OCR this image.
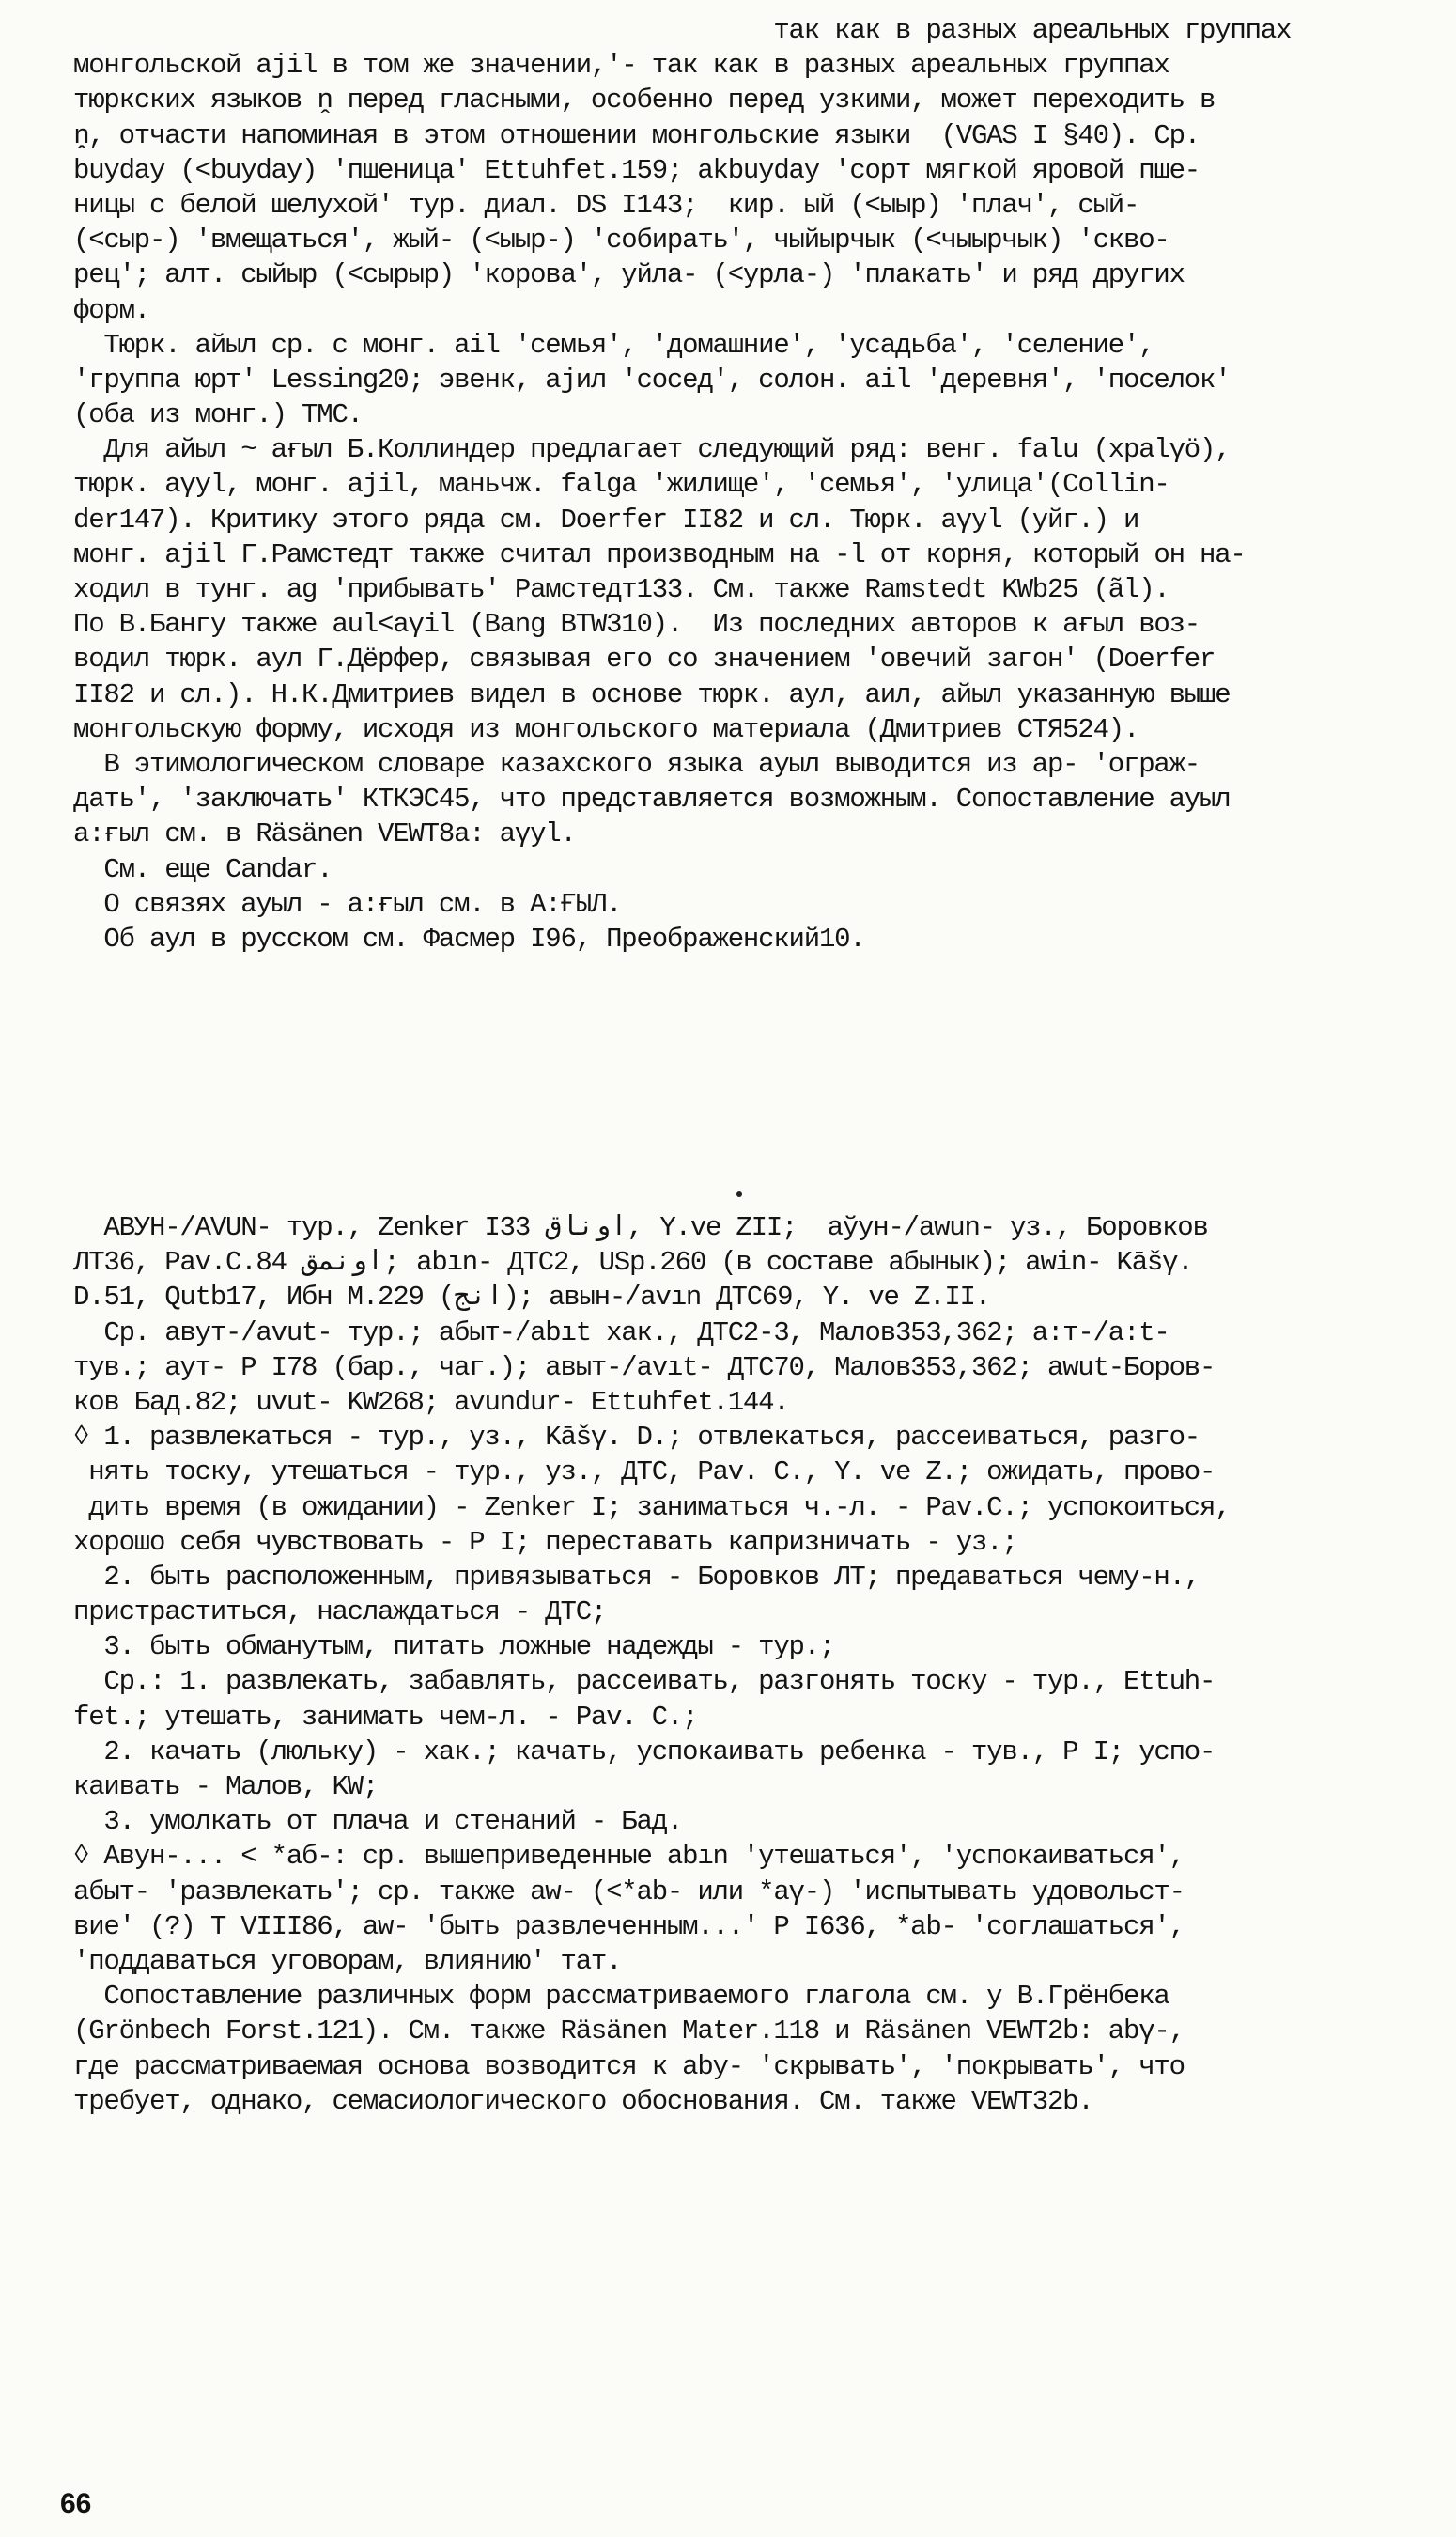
так как в разных ареальных группах
монгольской ajil в том же значении,'- так как в разных ареальных группах
тюркских языков ṋ перед гласными, особенно перед узкими, может переходить в
ṋ, отчасти напоминая в этом отношении монгольские языки  (VGAS I §40). Ср.
buyday (<buyday) 'пшеница' Ettuhfet.159; akbuyday 'сорт мягкой яровой пше-
ницы с белой шелухой' тур. диал. DS I143;  кир. ый (<ыыр) 'плач', сый-
(<сыр-) 'вмещаться', жый- (<ыыр-) 'собирать', чыйырчык (<чыырчык) 'скво-
рец'; алт. сыйыр (<сырыр) 'корова', уйла- (<урла-) 'плакать' и ряд других
форм.
Тюрк. айыл ср. с монг. ail 'семья', 'домашние', 'усадьба', 'селение',
'группа юрт' Lessing20; эвенк, ajил 'сосед', солон. ail 'деревня', 'поселок'
(оба из монг.) ТМС.
Для айыл ~ ағыл Б.Коллиндер предлагает следующий ряд: венг. falu (xpalγö),
тюрк. aγyl, монг. ajil, маньчж. falga 'жилище', 'семья', 'улица'(Collin-
der147). Критику этого ряда см. Doerfer II82 и сл. Тюрк. aγyl (уйг.) и
монг. ajil Г.Рамстедт также считал производным на -l от корня, который он на-
ходил в тунг. ag 'прибывать' Рамстедт133. См. также Ramstedt KWb25 (ãl).
По В.Бангу также aul<aγil (Bang BTW310).  Из последних авторов к ағыл воз-
водил тюрк. аул Г.Дёрфер, связывая его со значением 'овечий загон' (Doerfer
II82 и сл.). Н.К.Дмитриев видел в основе тюрк. аул, аил, айыл указанную выше
монгольскую форму, исходя из монгольского материала (Дмитриев СТЯ524).
В этимологическом словаре казахского языка ауыл выводится из ар- 'ограж-
дать', 'заключать' КТКЭС45, что представляется возможным. Сопоставление ауыл
а:ғыл см. в Räsänen VEWT8a: aγyl.
См. еще Candar.
О связях ауыл - а:ғыл см. в А:ҒЫЛ.
Об аул в русском см. Фасмер I96, Преображенский10.
АВУН-/AVUN- тур., Zenker I33 اوناق, Y.ve ZII;  аўун-/awun- уз., Боровков
ЛТ36, Pav.C.84 اونمق; abın- ДТС2, USp.260 (в составе абынык); awin- Kāšγ.
D.51, Qutb17, Ибн М.229 (انج); авын-/avın ДТС69, Y. ve Z.II.
Ср. авут-/avut- тур.; абыт-/abıt хак., ДТС2-3, Малов353,362; а:т-/a:t-
тув.; аут- Р I78 (бар., чаг.); авыт-/avıt- ДТС70, Малов353,362; awut-Боров-
ков Бад.82; uvut- KW268; avundur- Ettuhfet.144.
◊ 1. развлекаться - тур., уз., Kāšγ. D.; отвлекаться, рассеиваться, разго-
нять тоску, утешаться - тур., уз., ДТС, Pav. C., Y. ve Z.; ожидать, прово-
дить время (в ожидании) - Zenker I; заниматься ч.-л. - Pav.C.; успокоиться,
хорошо себя чувствовать - Р I; переставать капризничать - уз.;
2. быть расположенным, привязываться - Боровков ЛТ; предаваться чему-н.,
пристраститься, наслаждаться - ДТС;
3. быть обманутым, питать ложные надежды - тур.;
Ср.: 1. развлекать, забавлять, рассеивать, разгонять тоску - тур., Ettuh-
fet.; утешать, занимать чем-л. - Pav. C.;
2. качать (люльку) - хак.; качать, успокаивать ребенка - тув., Р I; успо-
каивать - Малов, KW;
3. умолкать от плача и стенаний - Бад.
◊ Авун-... < *аб-: ср. вышеприведенные abın 'утешаться', 'успокаиваться',
абыт- 'развлекать'; ср. также aw- (<*ab- или *aγ-) 'испытывать удовольст-
вие' (?) Т VIII86, aw- 'быть развлеченным...' Р I636, *ab- 'соглашаться',
'поддаваться уговорам, влиянию' тат.
Сопоставление различных форм рассматриваемого глагола см. у В.Грёнбека
(Grönbech Forst.121). См. также Räsänen Mater.118 и Räsänen VEWT2b: abγ-,
где рассматриваемая основа возводится к aby- 'скрывать', 'покрывать', что
требует, однако, семасиологического обоснования. См. также VEWT32b.
66
